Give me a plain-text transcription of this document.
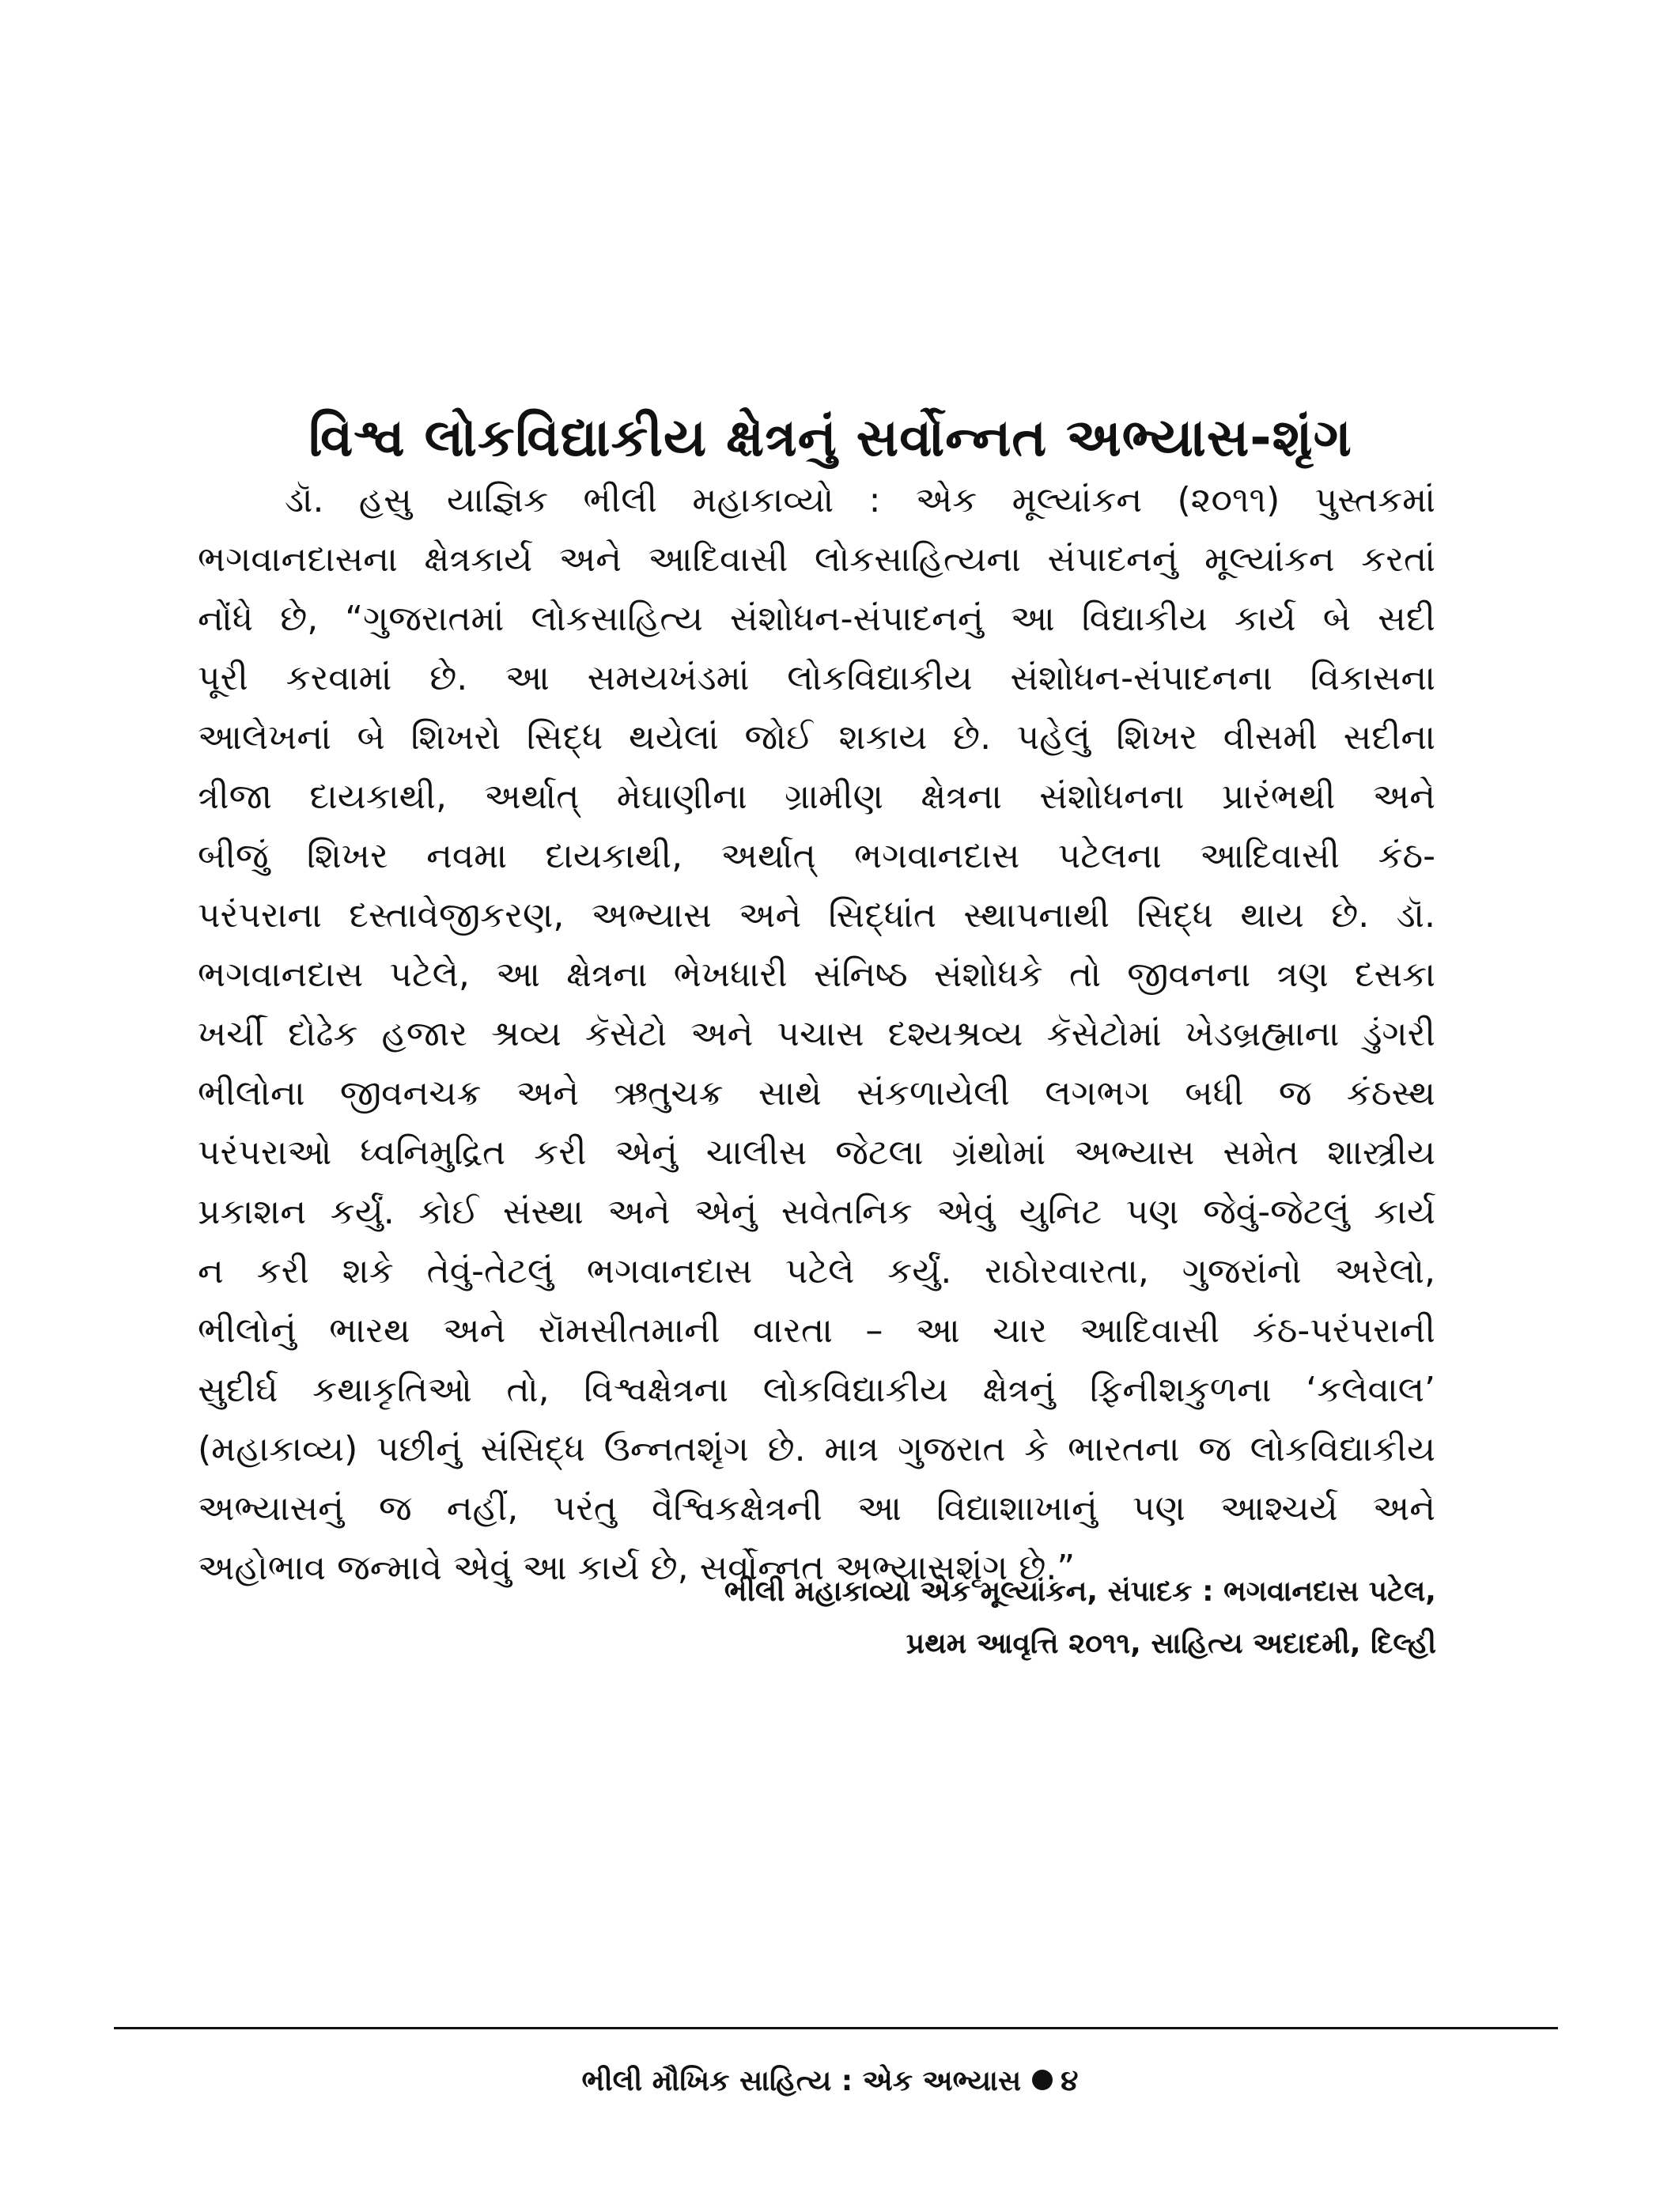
વિશ્વ લોકવિદ્યાકીય ક્ષેત્રનું સર્વોન્નત અભ્યાસ-શૃંગ
ડૉ. હસુ યાજ્ઞિક ભીલી મહાકાવ્યો : એક મૂલ્યાંકન (૨૦૧૧) પુસ્તકમાં
ભગવાનદાસના ક્ષેત્રકાર્ય અને આદિવાસી લોકસાહિત્યના સંપાદનનું મૂલ્યાંકન કરતાં
નોંધે છે, “ગુજરાતમાં લોકસાહિત્ય સંશોધન-સંપાદનનું આ વિદ્યાકીય કાર્ય બે સદી
પૂરી કરવામાં છે. આ સમયખંડમાં લોકવિદ્યાકીય સંશોધન-સંપાદનના વિકાસના
આલેખનાં બે શિખરો સિદ્ધ થયેલાં જોઈ શકાય છે. પહેલું શિખર વીસમી સદીના
ત્રીજા દાયકાથી, અર્થાત્ મેઘાણીના ગ્રામીણ ક્ષેત્રના સંશોધનના પ્રારંભથી અને
બીજું શિખર નવમા દાયકાથી, અર્થાત્ ભગવાનદાસ પટેલના આદિવાસી કંઠ-
પરંપરાના દસ્તાવેજીકરણ, અભ્યાસ અને સિદ્ધાંત સ્થાપનાથી સિદ્ધ થાય છે. ડૉ.
ભગવાનદાસ પટેલે, આ ક્ષેત્રના ભેખધારી સંનિષ્ઠ સંશોધકે તો જીવનના ત્રણ દસકા
ખર્ચી દોઢેક હજાર શ્રવ્ય કૅસેટો અને પચાસ દશ્યશ્રવ્ય કૅસેટોમાં ખેડબ્રહ્માના ડુંગરી
ભીલોના જીવનચક્ર અને ઋતુચક્ર સાથે સંકળાયેલી લગભગ બધી જ કંઠસ્થ
પરંપરાઓ ધ્વનિમુદ્રિત કરી એનું ચાલીસ જેટલા ગ્રંથોમાં અભ્યાસ સમેત શાસ્ત્રીય
પ્રકાશન કર્યું. કોઈ સંસ્થા અને એનું સવેતનિક એવું યુનિટ પણ જેવું-જેટલું કાર્ય
ન કરી શકે તેવું-તેટલું ભગવાનદાસ પટેલે કર્યું. રાઠોરવારતા, ગુજરાંનો અરેલો,
ભીલોનું ભારથ અને રૉમસીતમાની વારતા – આ ચાર આદિવાસી કંઠ-પરંપરાની
સુદીર્ઘ કથાકૃતિઓ તો, વિશ્વક્ષેત્રના લોકવિદ્યાકીય ક્ષેત્રનું ફિનીશકુળના ‘કલેવાલ’
(મહાકાવ્ય) પછીનું સંસિદ્ધ ઉન્નતશૃંગ છે. માત્ર ગુજરાત કે ભારતના જ લોકવિદ્યાકીય
અભ્યાસનું જ નહીં, પરંતુ વૈશ્વિકક્ષેત્રની આ વિદ્યાશાખાનું પણ આશ્ચર્ય અને
અહોભાવ જન્માવે એવું આ કાર્ય છે, સર્વોન્નત અભ્યાસશૃંગ છે.”
ભીલી મહાકાવ્યો એક મૂલ્યાંકન, સંપાદક : ભગવાનદાસ પટેલ,
પ્રથમ આવૃત્તિ ૨૦૧૧, સાહિત્ય અદાદમી, દિલ્હી
ભીલી મૌખિક સાહિત્ય : એક અભ્યાસ ૪
